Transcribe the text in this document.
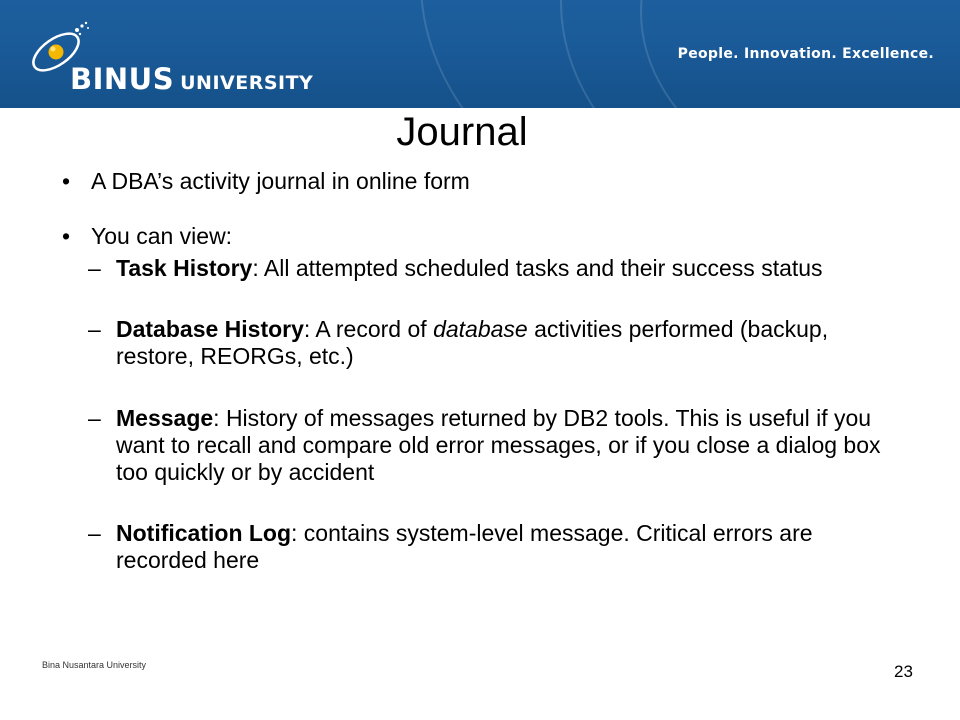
BINUS UNIVERSITY
People. Innovation. Excellence.
Journal
• A DBA’s activity journal in online form
• You can view:
– Task History: All attempted scheduled tasks and their success status
– Database History: A record of database activities performed (backup, restore, REORGs, etc.)
– Message: History of messages returned by DB2 tools. This is useful if you want to recall and compare old error messages, or if you close a dialog box too quickly or by accident
– Notification Log: contains system-level message. Critical errors are recorded here
Bina Nusantara University	23
